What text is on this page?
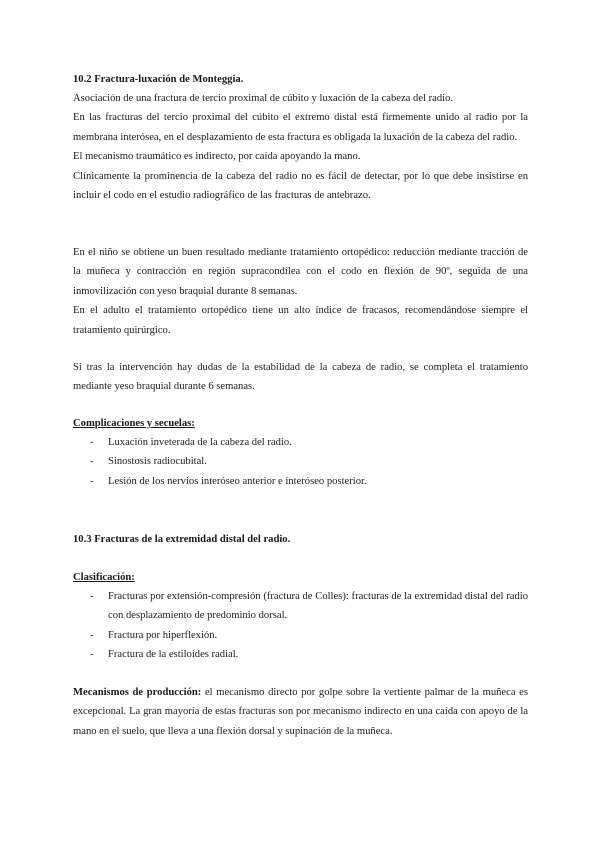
10.2 Fractura-luxación de Monteggia.

Asociación de una fractura de tercio proximal de cúbito y luxación de la cabeza del radio.

En las fracturas del tercio proximal del cúbito el extremo distal está firmemente unido al radio por la membrana interósea, en el desplazamiento de esta fractura es obligada la luxación de la cabeza del radio.

El mecanismo traumático es indirecto, por caída apoyando la mano.

Clínicamente la prominencia de la cabeza del radio no es fácil de detectar, por lo que debe insistirse en incluir el codo en el estudio radiográfico de las fracturas de antebrazo.

En el niño se obtiene un buen resultado mediante tratamiento ortopédico: reducción mediante tracción de la muñeca y contracción en región supracondílea con el codo en flexión de 90º, seguida de una inmovilización con yeso braquial durante 8 semanas.

En el adulto el tratamiento ortopédico tiene un alto índice de fracasos, recomendándose siempre el tratamiento quirúrgico.

Si tras la intervención hay dudas de la estabilidad de la cabeza de radio, se completa el tratamiento mediante yeso braquial durante 6 semanas.
Complicaciones y secuelas:
- Luxación inveterada de la cabeza del radio.
- Sinostosis radiocubital.
- Lesión de los nervios interóseo anterior e interóseo posterior.
10.3 Fracturas de la extremidad distal del radio.
Clasificación:
- Fracturas por extensión-compresión (fractura de Colles): fracturas de la extremidad distal del radio con desplazamiento de predominio dorsal.
- Fractura por hiperflexión.
- Fractura de la estiloides radial.
Mecanismos de producción: el mecanismo directo por golpe sobre la vertiente palmar de la muñeca es excepcional. La gran mayoría de estas fracturas son por mecanismo indirecto en una caída con apoyo de la mano en el suelo, que lleva a una flexión dorsal y supinación de la muñeca.
